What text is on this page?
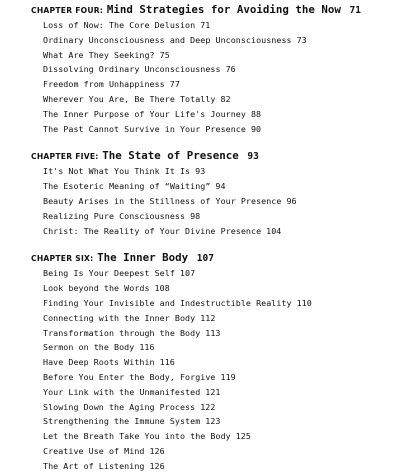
CHAPTER FOUR: Mind Strategies for Avoiding the Now 71
Loss of Now: The Core Delusion 71
Ordinary Unconsciousness and Deep Unconsciousness 73
What Are They Seeking? 75
Dissolving Ordinary Unconsciousness 76
Freedom from Unhappiness 77
Wherever You Are, Be There Totally 82
The Inner Purpose of Your Life's Journey 88
The Past Cannot Survive in Your Presence 90
CHAPTER FIVE: The State of Presence 93
It's Not What You Think It Is 93
The Esoteric Meaning of “Waiting” 94
Beauty Arises in the Stillness of Your Presence 96
Realizing Pure Consciousness 98
Christ: The Reality of Your Divine Presence 104
CHAPTER SIX: The Inner Body 107
Being Is Your Deepest Self 107
Look beyond the Words 108
Finding Your Invisible and Indestructible Reality 110
Connecting with the Inner Body 112
Transformation through the Body 113
Sermon on the Body 116
Have Deep Roots Within 116
Before You Enter the Body, Forgive 119
Your Link with the Unmanifested 121
Slowing Down the Aging Process 122
Strengthening the Immune System 123
Let the Breath Take You into the Body 125
Creative Use of Mind 126
The Art of Listening 126
